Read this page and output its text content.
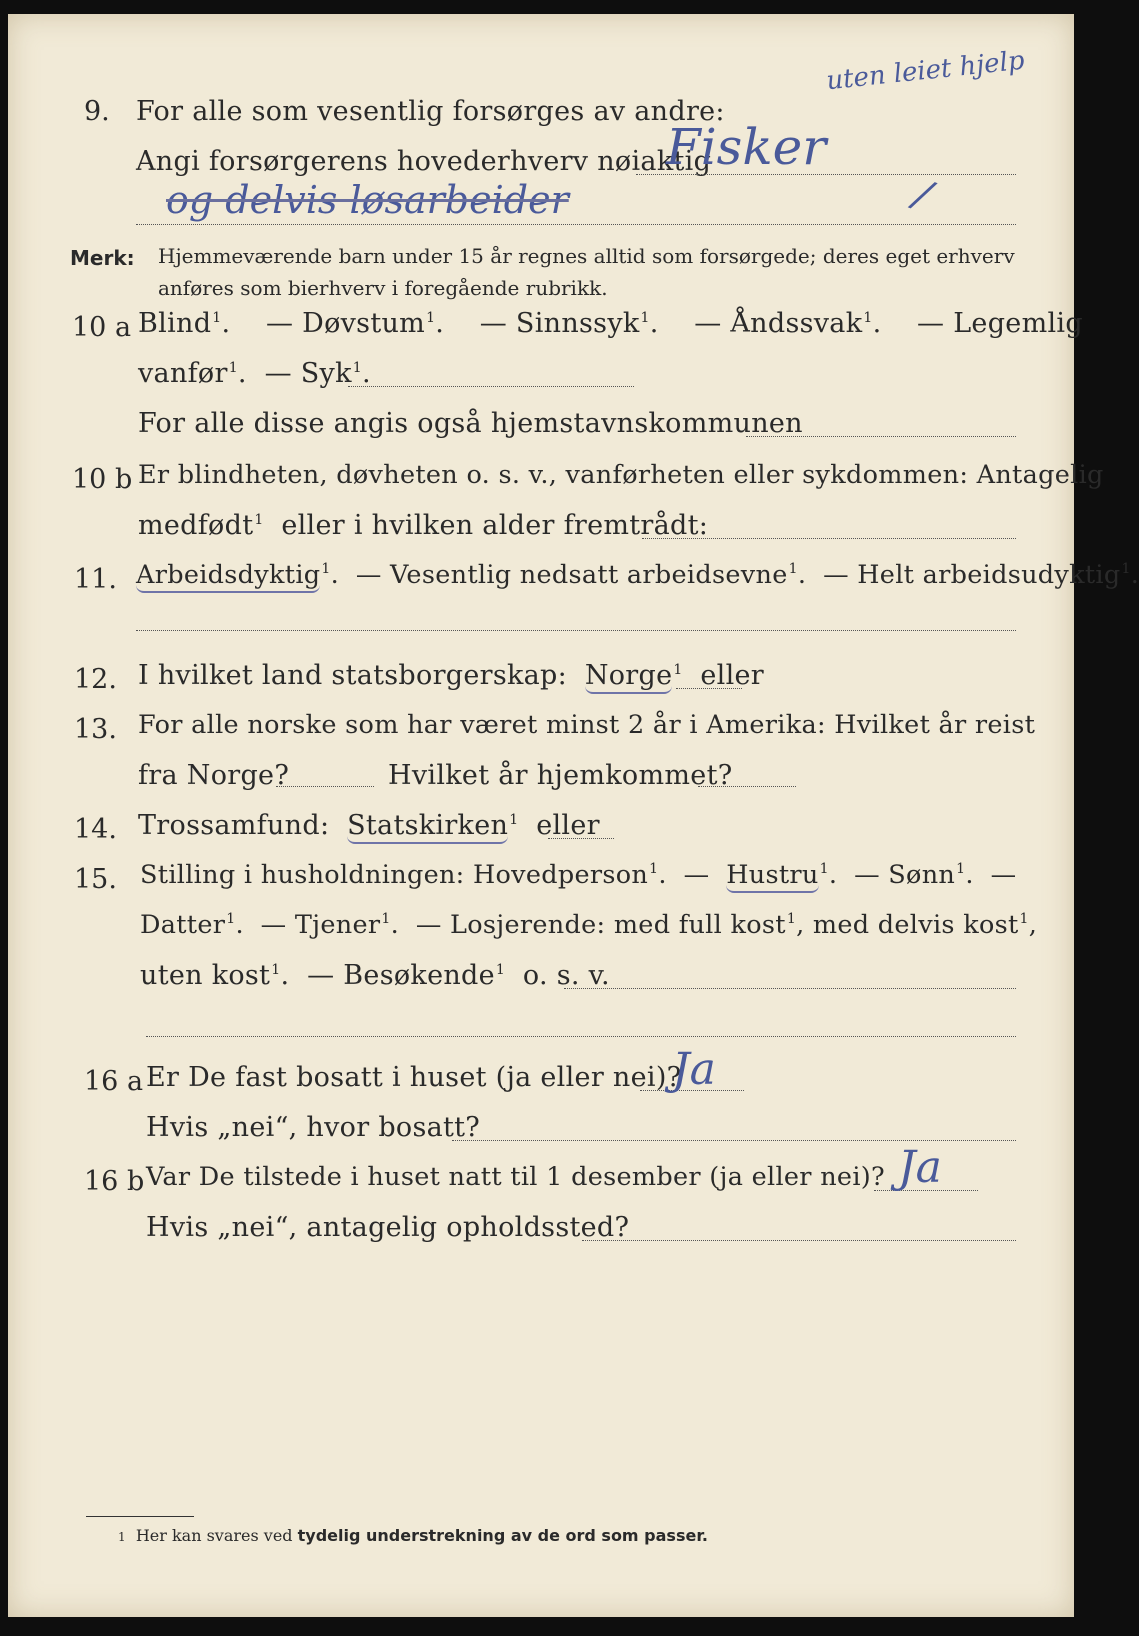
9. For alle som vesentlig forsørges av andre:
Angi forsørgerens hovederhverv nøiaktig
Fisker
uten leiet hjelp
og delvis løsarbeider	/
Merk: Hjemmeværende barn under 15 år regnes alltid som forsørgede; deres eget erhverv
anføres som bierhverv i foregående rubrikk.
10 a Blind$^1$.    — Døvstum$^1$.    — Sinnssyk$^1$.    — Åndssvak$^1$.    — Legemlig
vanfør$^1$.  — Syk$^1$.
For alle disse angis også hjemstavnskommunen
10 b Er blindheten, døvheten o. s. v., vanførheten eller sykdommen: Antagelig
medfødt$^1$ eller i hvilken alder fremtrådt:
11. Arbeidsdyktig$^1$.  — Vesentlig nedsatt arbeidsevne$^1$.  — Helt arbeidsudyktig$^1$.
12. I hvilket land statsborgerskap: Norge$^1$ eller
13. For alle norske som har været minst 2 år i Amerika: Hvilket år reist
fra Norge?	Hvilket år hjemkommet?
14. Trossamfund: Statskirken$^1$ eller
15. Stilling i husholdningen: Hovedperson$^1$.  — Hustru$^1$.  — Sønn$^1$.  —
Datter$^1$.  — Tjener$^1$.  — Losjerende: med full kost$^1$, med delvis kost$^1$,
uten kost$^1$.  — Besøkende$^1$ o. s. v.
16 a Er De fast bosatt i huset (ja eller nei)?
Ja
Hvis „nei“, hvor bosatt?
16 b Var De tilstede i huset natt til 1 desember (ja eller nei)? Ja
Hvis „nei“, antagelig opholdssted?
1 Her kan svares ved tydelig understrekning av de ord som passer.
